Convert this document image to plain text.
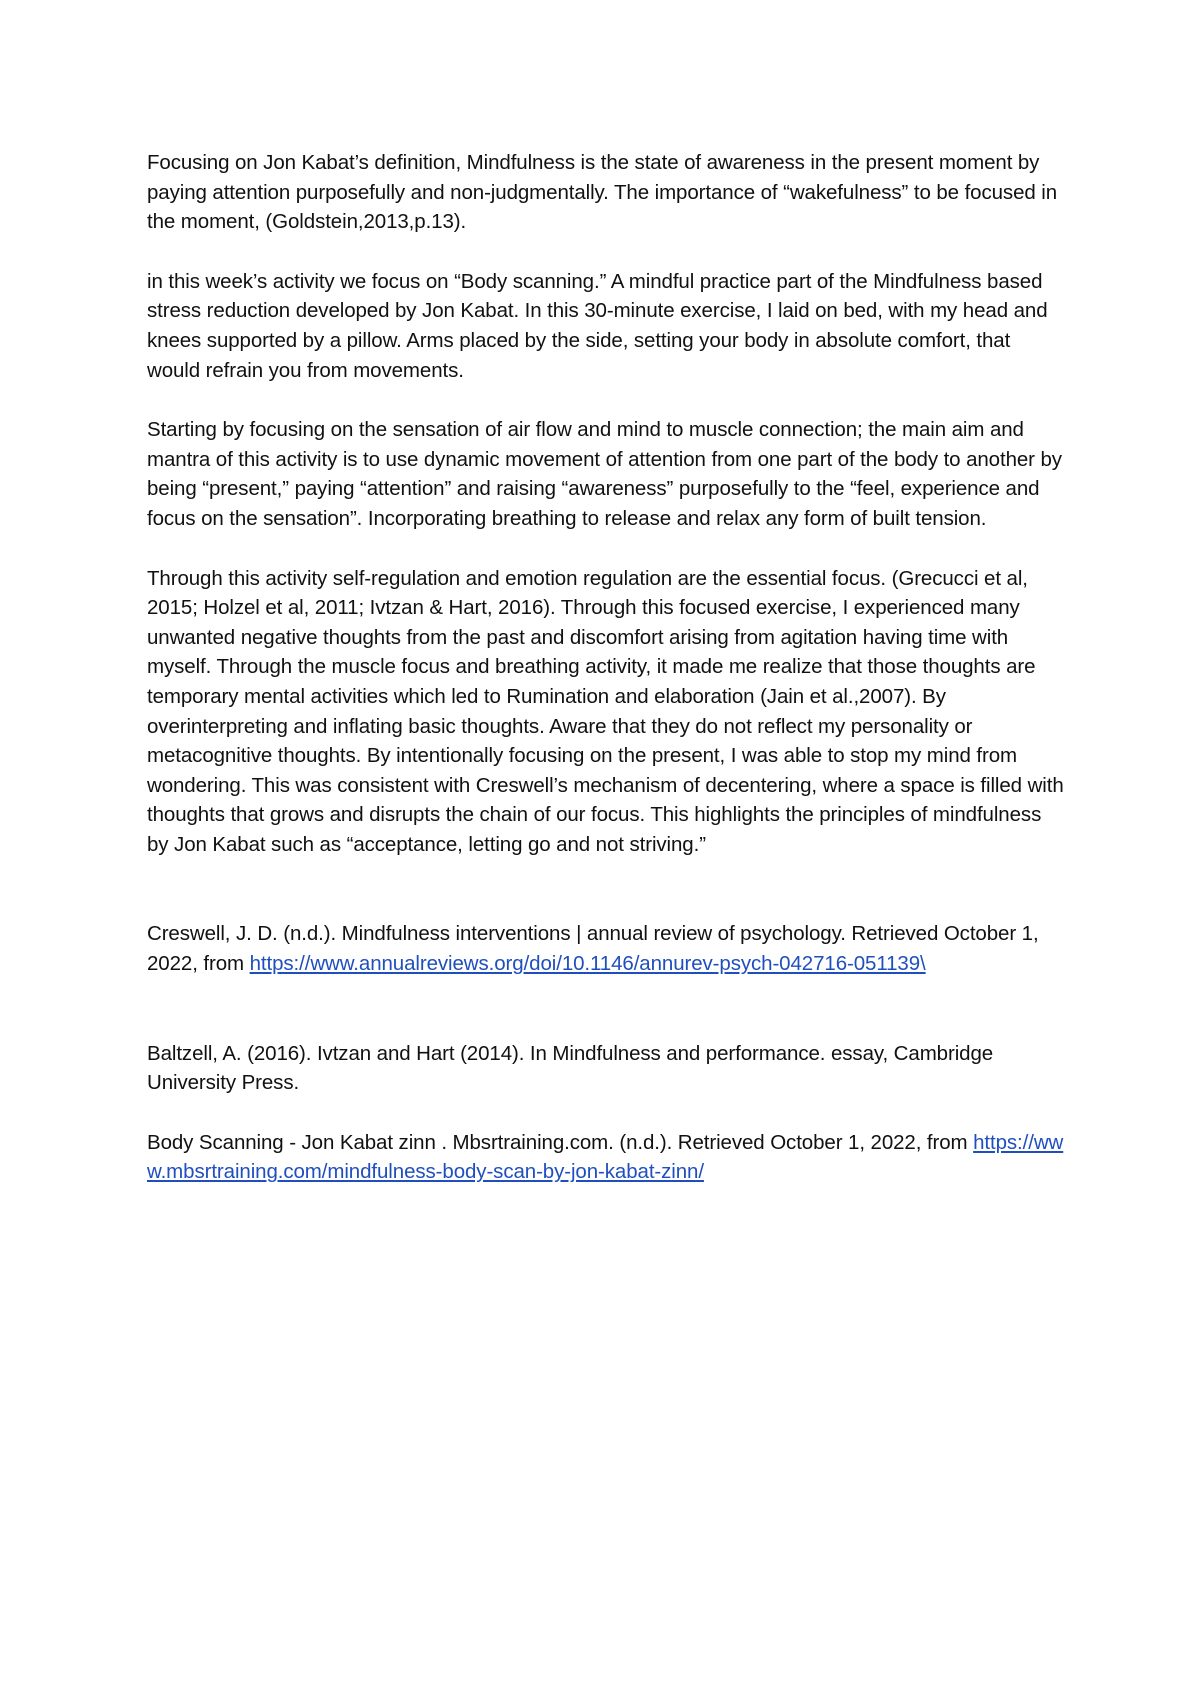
Focusing on Jon Kabat’s definition, Mindfulness is the state of awareness in the present moment by paying attention purposefully and non-judgmentally. The importance of “wakefulness” to be focused in the moment, (Goldstein,2013,p.13).

in this week’s activity we focus on “Body scanning.” A mindful practice part of the Mindfulness based stress reduction developed by Jon Kabat. In this 30-minute exercise, I laid on bed, with my head and knees supported by a pillow. Arms placed by the side, setting your body in absolute comfort, that would refrain you from movements.

Starting by focusing on the sensation of air flow and mind to muscle connection; the main aim and mantra of this activity is to use dynamic movement of attention from one part of the body to another by being “present,” paying “attention” and raising “awareness” purposefully to the “feel, experience and focus on the sensation”. Incorporating breathing to release and relax any form of built tension.

Through this activity self-regulation and emotion regulation are the essential focus. (Grecucci et al, 2015; Holzel et al, 2011; Ivtzan & Hart, 2016). Through this focused exercise, I experienced many unwanted negative thoughts from the past and discomfort arising from agitation having time with myself. Through the muscle focus and breathing activity, it made me realize that those thoughts are temporary mental activities which led to Rumination and elaboration (Jain et al.,2007). By overinterpreting and inflating basic thoughts. Aware that they do not reflect my personality or metacognitive thoughts. By intentionally focusing on the present, I was able to stop my mind from wondering. This was consistent with Creswell’s mechanism of decentering, where a space is filled with thoughts that grows and disrupts the chain of our focus. This highlights the principles of mindfulness by Jon Kabat such as “acceptance, letting go and not striving.”

Creswell, J. D. (n.d.). Mindfulness interventions | annual review of psychology. Retrieved October 1, 2022, from https://www.annualreviews.org/doi/10.1146/annurev-psych-042716-051139\

Baltzell, A. (2016). Ivtzan and Hart (2014). In Mindfulness and performance. essay, Cambridge University Press.

Body Scanning - Jon Kabat zinn . Mbsrtraining.com. (n.d.). Retrieved October 1, 2022, from https://www.mbsrtraining.com/mindfulness-body-scan-by-jon-kabat-zinn/
